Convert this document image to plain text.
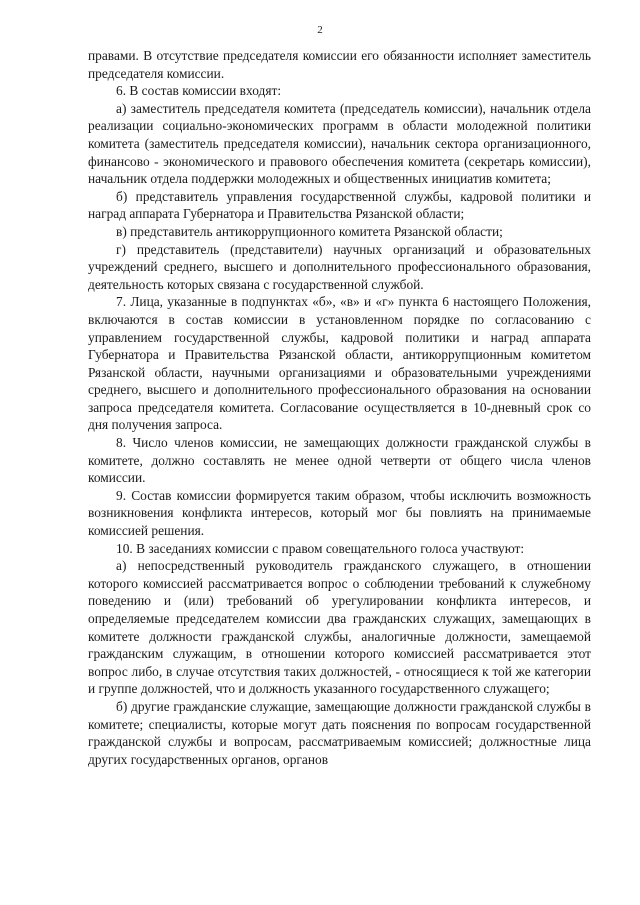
2

правами. В отсутствие председателя комиссии его обязанности исполняет заместитель председателя комиссии.

6. В состав комиссии входят:

а) заместитель председателя комитета (председатель комиссии), начальник отдела реализации социально-экономических программ в области молодежной политики комитета (заместитель председателя комиссии), начальник сектора организационного, финансово - экономического и правового обеспечения комитета (секретарь комиссии), начальник отдела поддержки молодежных и общественных инициатив комитета;

б) представитель управления государственной службы, кадровой политики и наград аппарата Губернатора и Правительства Рязанской области;

в) представитель антикоррупционного комитета Рязанской области;

г) представитель (представители) научных организаций и образовательных учреждений среднего, высшего и дополнительного профессионального образования, деятельность которых связана с государственной службой.

7. Лица, указанные в подпунктах «б», «в» и «г» пункта 6 настоящего Положения, включаются в состав комиссии в установленном порядке по согласованию с управлением государственной службы, кадровой политики и наград аппарата Губернатора и Правительства Рязанской области, антикоррупционным комитетом Рязанской области, научными организациями и образовательными учреждениями среднего, высшего и дополнительного профессионального образования на основании запроса председателя комитета. Согласование осуществляется в 10-дневный срок со дня получения запроса.

8. Число членов комиссии, не замещающих должности гражданской службы в комитете, должно составлять не менее одной четверти от общего числа членов комиссии.

9. Состав комиссии формируется таким образом, чтобы исключить возможность возникновения конфликта интересов, который мог бы повлиять на принимаемые комиссией решения.

10. В заседаниях комиссии с правом совещательного голоса участвуют:

а) непосредственный руководитель гражданского служащего, в отношении которого комиссией рассматривается вопрос о соблюдении требований к служебному поведению и (или) требований об урегулировании конфликта интересов, и определяемые председателем комиссии два гражданских служащих, замещающих в комитете должности гражданской службы, аналогичные должности, замещаемой гражданским служащим, в отношении которого комиссией рассматривается этот вопрос либо, в случае отсутствия таких должностей, - относящиеся к той же категории и группе должностей, что и должность указанного государственного служащего;

б) другие гражданские служащие, замещающие должности гражданской службы в комитете; специалисты, которые могут дать пояснения по вопросам государственной гражданской службы и вопросам, рассматриваемым комиссией; должностные лица других государственных органов, органов
